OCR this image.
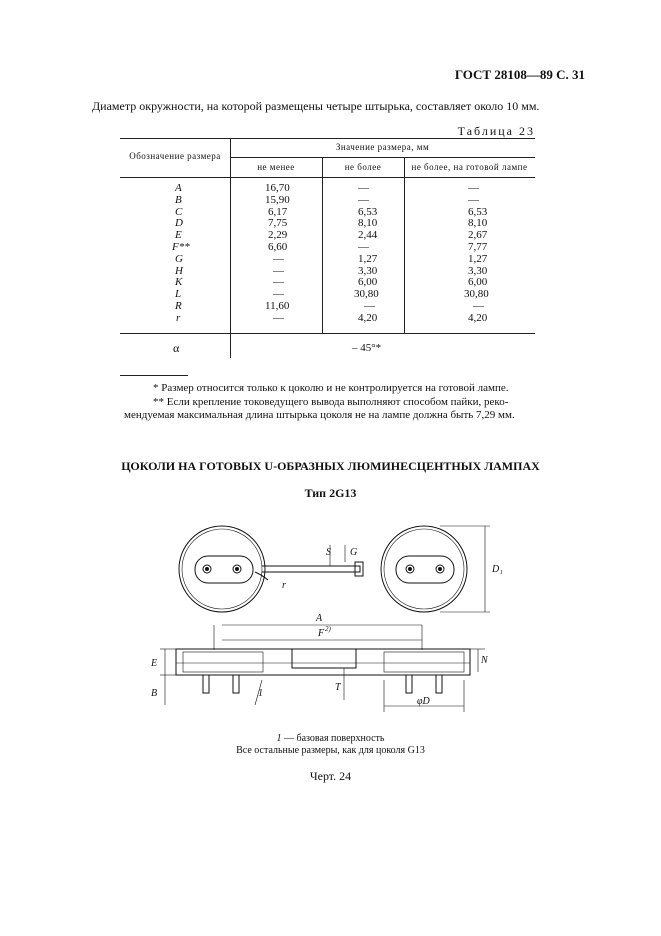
ГОСТ 28108—89 С. 31
Диаметр окружности, на которой размещены четыре штырька, составляет около 10 мм.
Таблица 23
Обозначение размера
Значение размера, мм
не менее	не более	не более, на готовой лампе
A	16,70	—	—
B	15,90	—	—
C	6,17	6,53	6,53
D	7,75	8,10	8,10
E	2,29	2,44	2,67
F**	6,60	—	7,77
G	—	1,27	1,27
H	—	3,30	3,30
K	—	6,00	6,00
L	—	30,80	30,80
R	11,60	—	—
r	—	4,20	4,20
α	– 45°*
* Размер относится только к цоколю и не контролируется на готовой лампе.
** Если крепление токоведущего вывода выполняют способом пайки, реко-
мендуемая максимальная длина штырька цоколя не на лампе должна быть 7,29 мм.
ЦОКОЛИ НА ГОТОВЫХ U-ОБРАЗНЫХ ЛЮМИНЕСЦЕНТНЫХ ЛАМПАХ
Тип 2G13
S G
r
D₁
A
F 2)
E
B
T
N
φD
1
1 — базовая поверхность
Все остальные размеры, как для цоколя G13
Черт. 24
